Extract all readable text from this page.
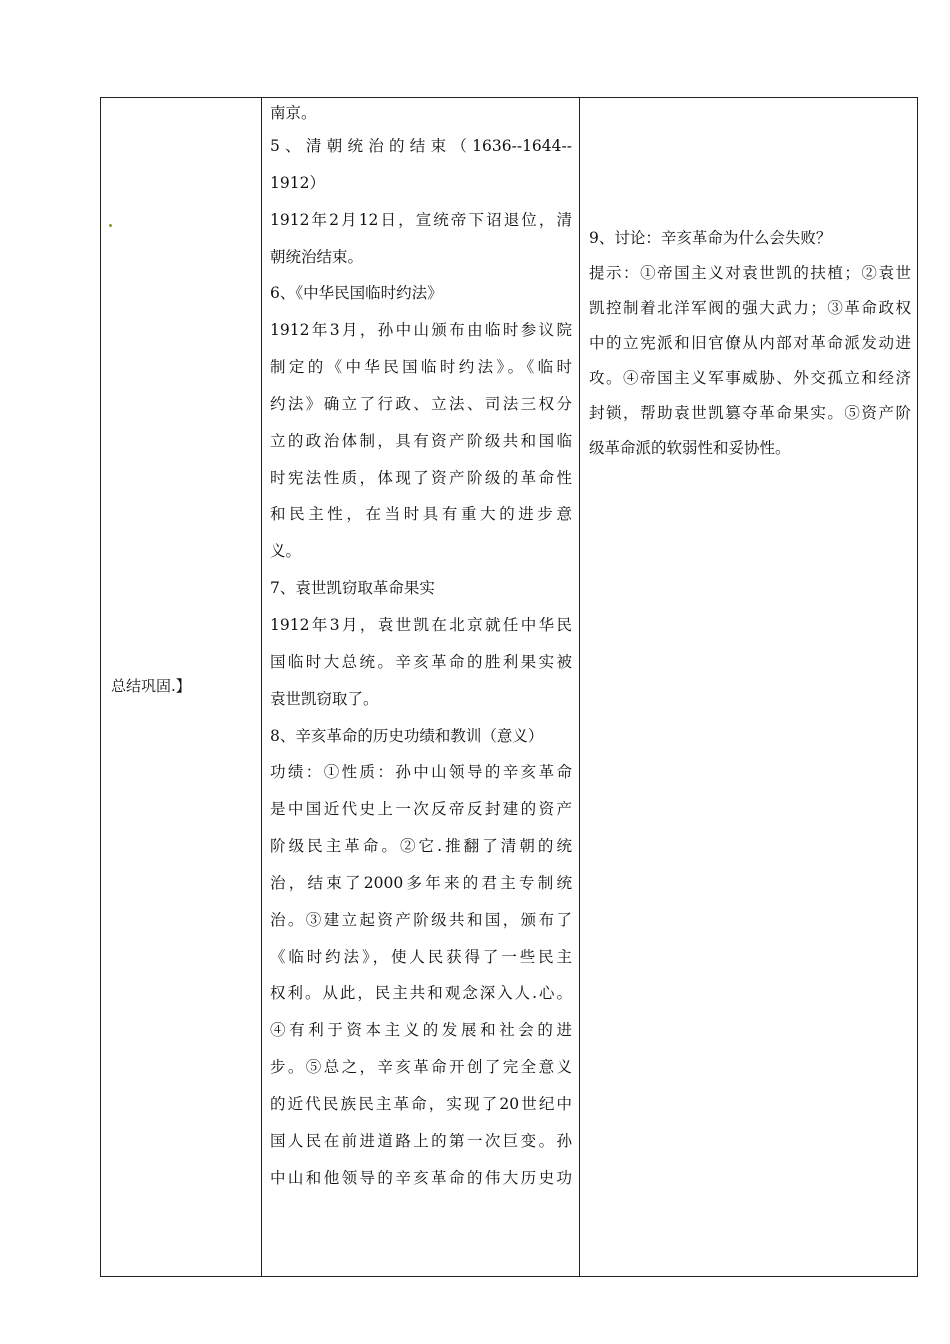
总结巩固.】
南京。
5、清朝统治的结束（1636--1644--
1912）
1912年2月12日，宣统帝下诏退位，清
朝统治结束。
6、《中华民国临时约法》
1912年3月，孙中山颁布由临时参议院
制定的《中华民国临时约法》。《临时
约法》确立了行政、立法、司法三权分
立的政治体制，具有资产阶级共和国临
时宪法性质，体现了资产阶级的革命性
和民主性，在当时具有重大的进步意
义。
7、袁世凯窃取革命果实
1912年3月，袁世凯在北京就任中华民
国临时大总统。辛亥革命的胜利果实被
袁世凯窃取了。
8、辛亥革命的历史功绩和教训（意义）
功绩：①性质：孙中山领导的辛亥革命
是中国近代史上一次反帝反封建的资产
阶级民主革命。②它.推翻了清朝的统
治，结束了2000多年来的君主专制统
治。③建立起资产阶级共和国，颁布了
《临时约法》，使人民获得了一些民主
权利。从此，民主共和观念深入人.心。
④有利于资本主义的发展和社会的进
步。⑤总之，辛亥革命开创了完全意义
的近代民族民主革命，实现了20世纪中
国人民在前进道路上的第一次巨变。孙
中山和他领导的辛亥革命的伟大历史功
9、讨论：辛亥革命为什么会失败？
提示：①帝国主义对袁世凯的扶植；②袁世
凯控制着北洋军阀的强大武力；③革命政权
中的立宪派和旧官僚从内部对革命派发动进
攻。④帝国主义军事威胁、外交孤立和经济
封锁，帮助袁世凯篡夺革命果实。⑤资产阶
级革命派的软弱性和妥协性。
